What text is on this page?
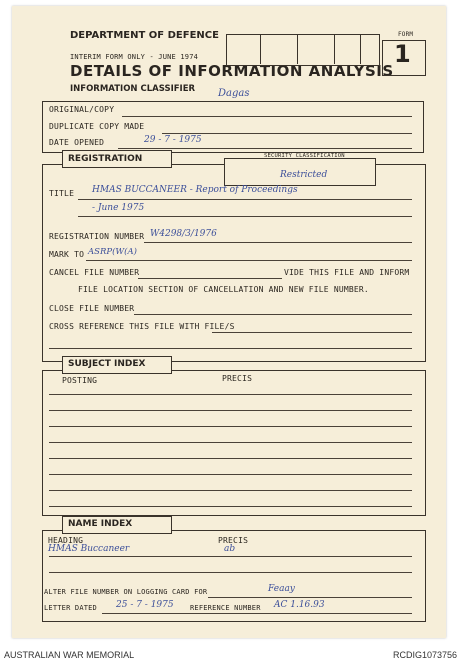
DEPARTMENT OF DEFENCE
INTERIM FORM ONLY - JUNE 1974
DETAILS OF INFORMATION ANALYSIS
INFORMATION CLASSIFIER Dagas
FORM
1
ORIGINAL/COPY
DUPLICATE COPY MADE
DATE OPENED	29 - 7 - 1975
REGISTRATION	SECURITY CLASSIFICATION
Restricted
TITLE HMAS BUCCANEER - Report of Proceedings
- June 1975
REGISTRATION NUMBER W4298/3/1976
MARK TO ASRP(W(A)
CANCEL FILE NUMBER	VIDE THIS FILE AND INFORM
FILE LOCATION SECTION OF CANCELLATION AND NEW FILE NUMBER.
CLOSE FILE NUMBER
CROSS REFERENCE THIS FILE WITH FILE/S
SUBJECT INDEX
POSTING	PRECIS
NAME INDEX
HEADING	PRECIS
HMAS Buccaneer	ab
ALTER FILE NUMBER ON LOGGING CARD FOR	Feaay
LETTER DATED 25 - 7 - 1975 REFERENCE NUMBER AC 1.16.93
AUSTRALIAN WAR MEMORIAL	RCDIG1073756
